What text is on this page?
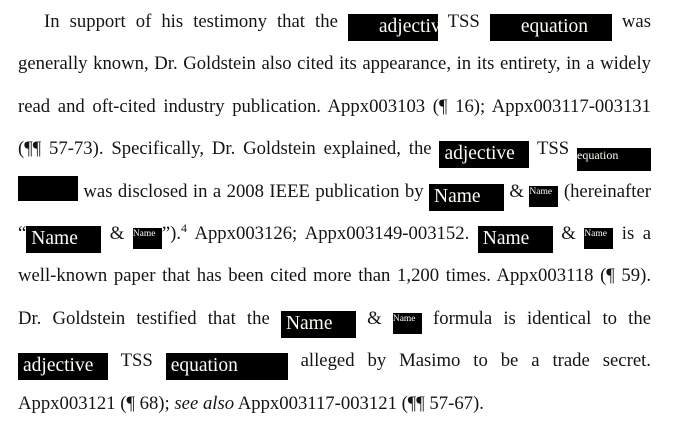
In support of his testimony that the adjective TSS equation was
generally known, Dr. Goldstein also cited its appearance, in its entirety, in a widely
read and oft-cited industry publication. Appx003103 (¶ 16); Appx003117-003131
(¶¶ 57-73). Specifically, Dr. Goldstein explained, the adjective TSS equation
was disclosed in a 2008 IEEE publication by Name & Name (hereinafter
“ Name & Name ”).$^4$ Appx003126; Appx003149-003152. Name & Name is a
well-known paper that has been cited more than 1,200 times. Appx003118 (¶ 59).
Dr. Goldstein testified that the Name & Name formula is identical to the
adjective TSS equation	alleged by Masimo to be a trade secret.
Appx003121 (¶ 68); see also Appx003117-003121 (¶¶ 57-67).
